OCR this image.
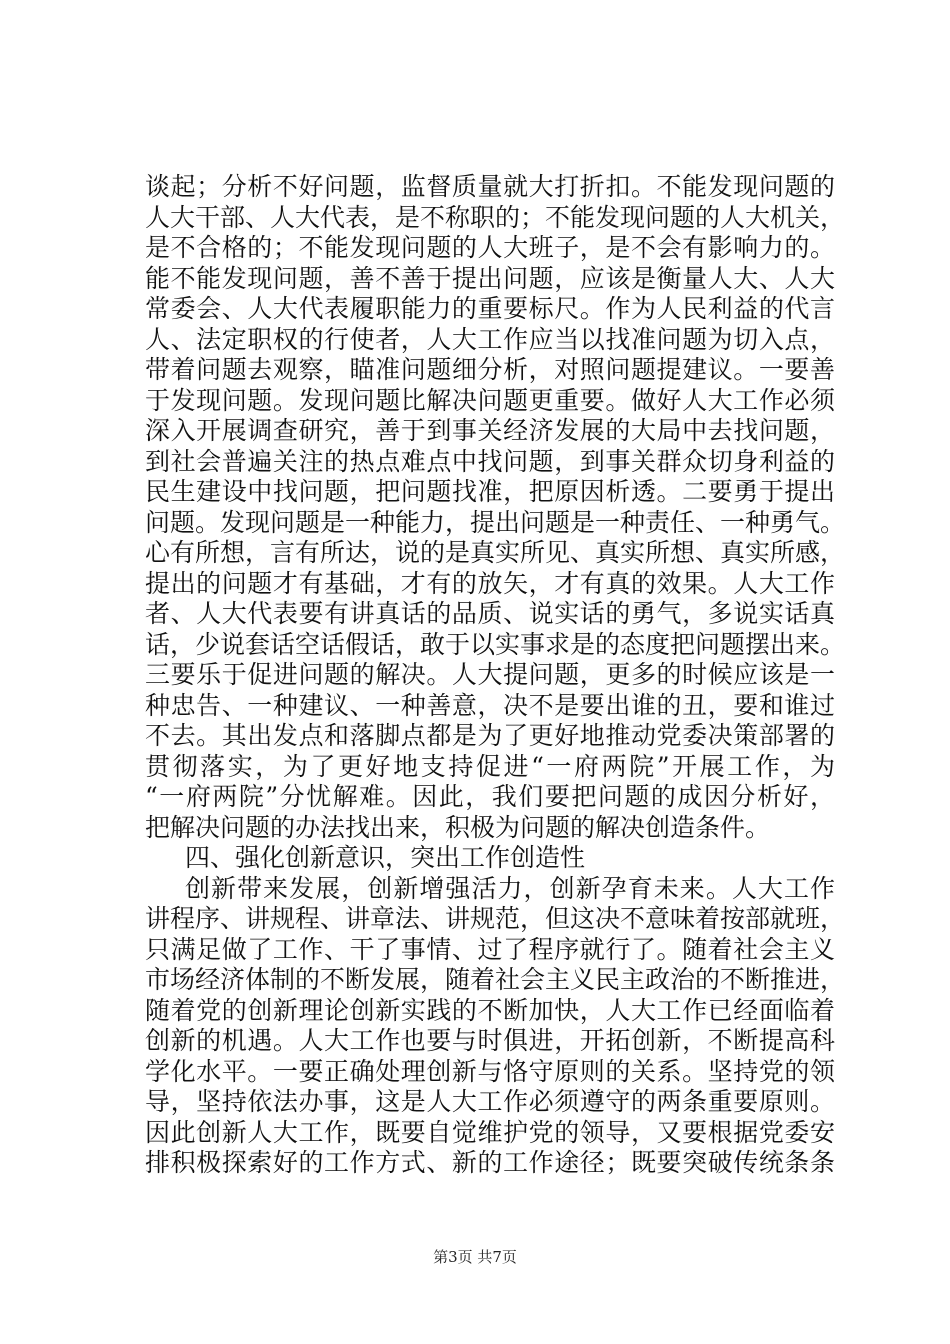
谈起；分析不好问题，监督质量就大打折扣。不能发现问题的
人大干部、人大代表，是不称职的；不能发现问题的人大机关，
是不合格的；不能发现问题的人大班子，是不会有影响力的。
能不能发现问题，善不善于提出问题，应该是衡量人大、人大
常委会、人大代表履职能力的重要标尺。作为人民利益的代言
人、法定职权的行使者，人大工作应当以找准问题为切入点，
带着问题去观察，瞄准问题细分析，对照问题提建议。一要善
于发现问题。发现问题比解决问题更重要。做好人大工作必须
深入开展调查研究，善于到事关经济发展的大局中去找问题，
到社会普遍关注的热点难点中找问题，到事关群众切身利益的
民生建设中找问题，把问题找准，把原因析透。二要勇于提出
问题。发现问题是一种能力，提出问题是一种责任、一种勇气。
心有所想，言有所达，说的是真实所见、真实所想、真实所感，
提出的问题才有基础，才有的放矢，才有真的效果。人大工作
者、人大代表要有讲真话的品质、说实话的勇气，多说实话真
话，少说套话空话假话，敢于以实事求是的态度把问题摆出来。
三要乐于促进问题的解决。人大提问题，更多的时候应该是一
种忠告、一种建议、一种善意，决不是要出谁的丑，要和谁过
不去。其出发点和落脚点都是为了更好地推动党委决策部署的
贯彻落实，为了更好地支持促进“一府两院”开展工作，为
“一府两院”分忧解难。因此，我们要把问题的成因分析好，
把解决问题的办法找出来，积极为问题的解决创造条件。
四、强化创新意识，突出工作创造性
创新带来发展，创新增强活力，创新孕育未来。人大工作
讲程序、讲规程、讲章法、讲规范，但这决不意味着按部就班，
只满足做了工作、干了事情、过了程序就行了。随着社会主义
市场经济体制的不断发展，随着社会主义民主政治的不断推进，
随着党的创新理论创新实践的不断加快，人大工作已经面临着
创新的机遇。人大工作也要与时俱进，开拓创新，不断提高科
学化水平。一要正确处理创新与恪守原则的关系。坚持党的领
导，坚持依法办事，这是人大工作必须遵守的两条重要原则。
因此创新人大工作，既要自觉维护党的领导，又要根据党委安
排积极探索好的工作方式、新的工作途径；既要突破传统条条
第3页 共7页
